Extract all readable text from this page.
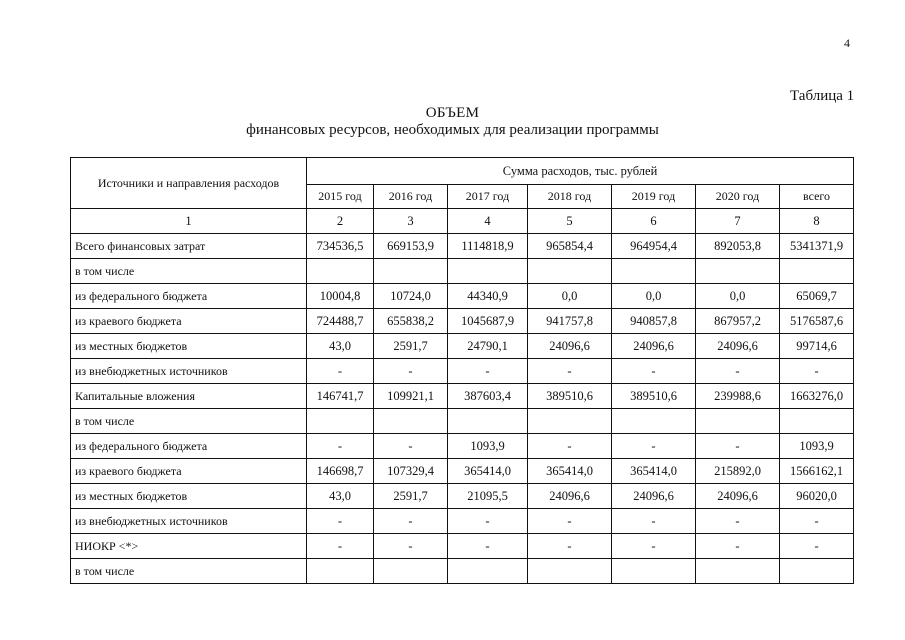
4
Таблица 1
ОБЪЕМ
финансовых ресурсов, необходимых для реализации программы
Источники и направления расходов	Сумма расходов, тыс. рублей						
	2015 год	2016 год	2017 год	2018 год	2019 год	2020 год	всего
1	2	3	4	5	6	7	8
Всего финансовых затрат	734536,5	669153,9	1114818,9	965854,4	964954,4	892053,8	5341371,9
в том числе							
из федерального бюджета	10004,8	10724,0	44340,9	0,0	0,0	0,0	65069,7
из краевого бюджета	724488,7	655838,2	1045687,9	941757,8	940857,8	867957,2	5176587,6
из местных бюджетов	43,0	2591,7	24790,1	24096,6	24096,6	24096,6	99714,6
из внебюджетных источников	-	-	-	-	-	-	-
Капитальные вложения	146741,7	109921,1	387603,4	389510,6	389510,6	239988,6	1663276,0
в том числе							
из федерального бюджета	-	-	1093,9	-	-	-	1093,9
из краевого бюджета	146698,7	107329,4	365414,0	365414,0	365414,0	215892,0	1566162,1
из местных бюджетов	43,0	2591,7	21095,5	24096,6	24096,6	24096,6	96020,0
из внебюджетных источников	-	-	-	-	-	-	-
НИОКР <*>	-	-	-	-	-	-	-
в том числе							
